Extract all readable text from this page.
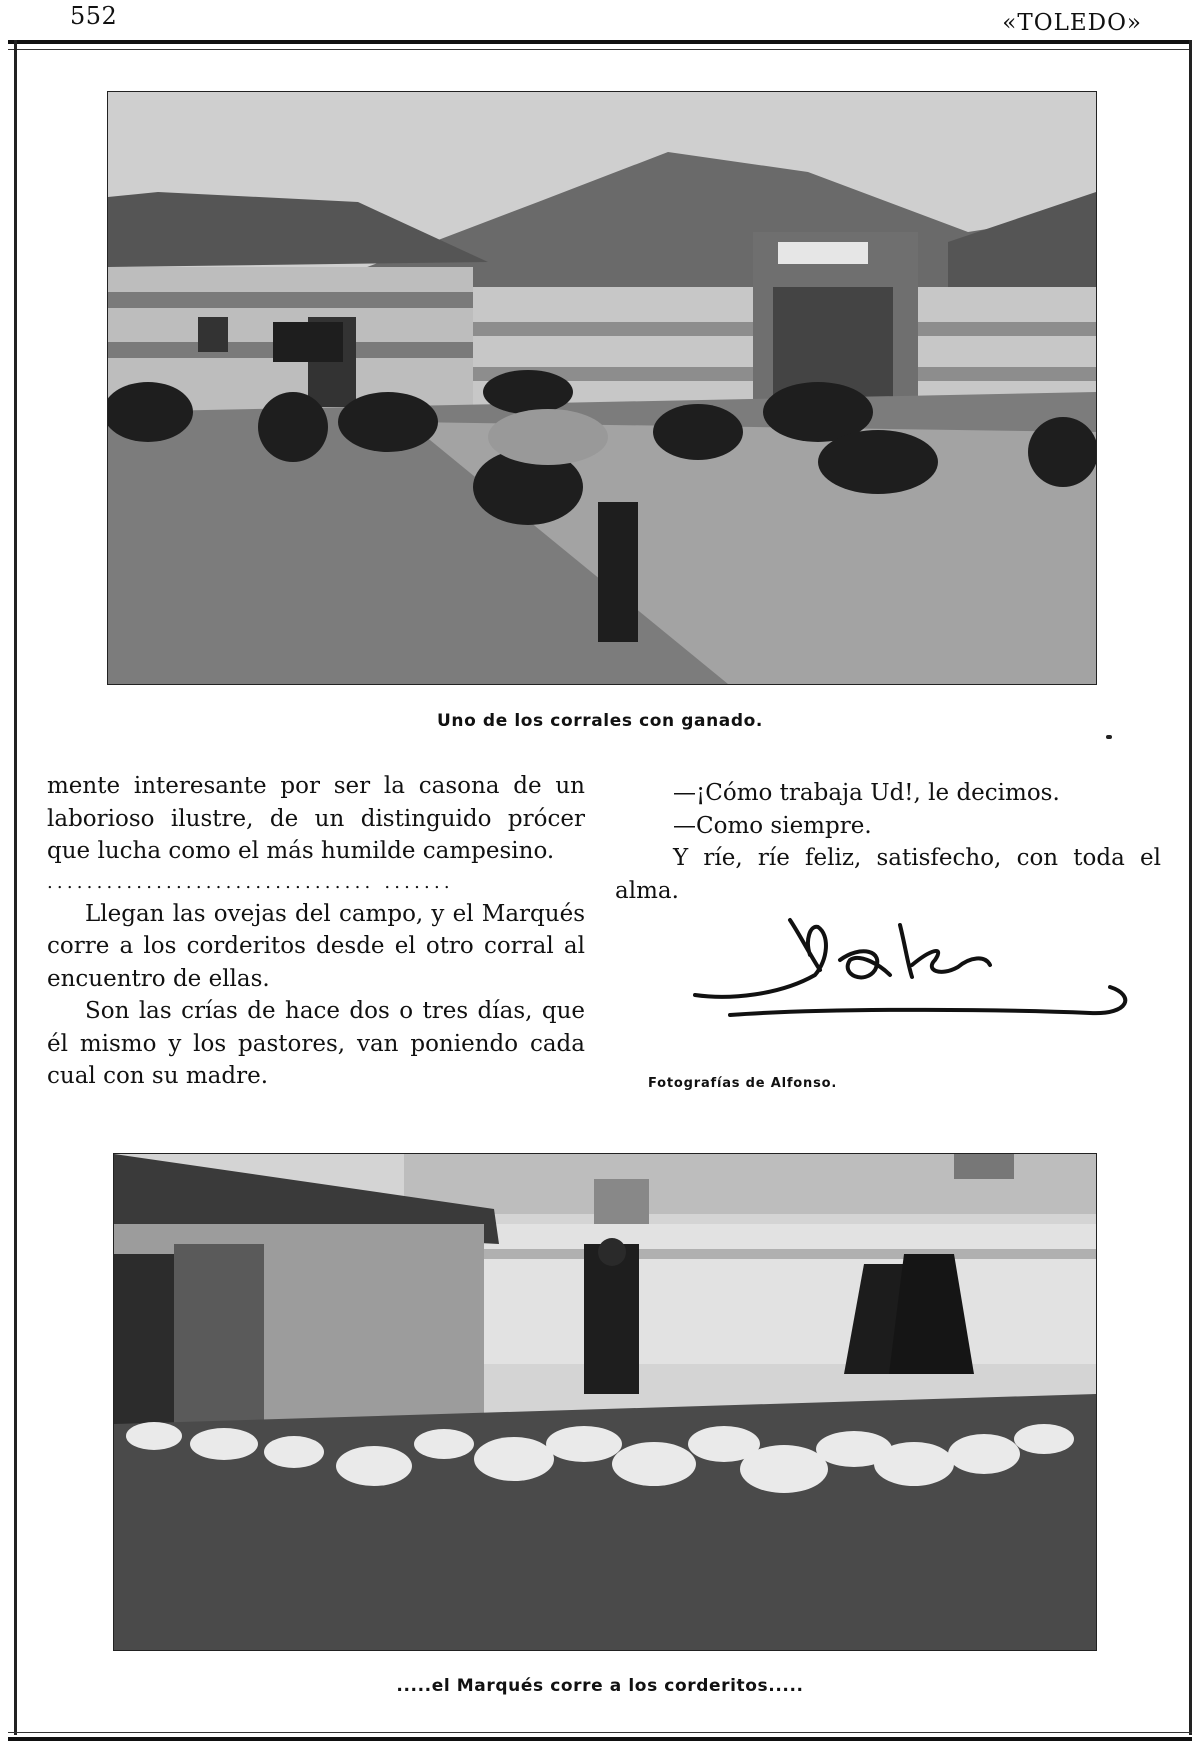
552	«TOLEDO»
Uno de los corrales con ganado.

mente interesante por ser la casona de un laborioso ilustre, de un distinguido prócer que lucha como el más humilde campesino.

................................. .......

Llegan las ovejas del campo, y el Marqués corre a los corderitos desde el otro corral al encuentro de ellas.

Son las crías de hace dos o tres días, que él mismo y los pastores, van poniendo cada cual con su madre.

—¡Cómo trabaja Ud!, le decimos.

—Como siempre.

Y ríe, ríe feliz, satisfecho, con toda el alma.

Fotografías de Alfonso.
.....el Marqués corre a los corderitos.....
